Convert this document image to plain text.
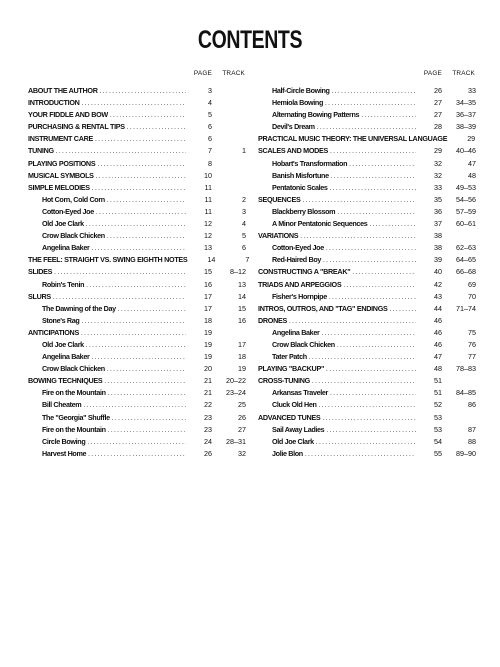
CONTENTS
PAGE TRACK
ABOUT THE AUTHOR .....	3
INTRODUCTION .....	4
YOUR FIDDLE AND BOW .....	5
PURCHASING & RENTAL TIPS .....	6
INSTRUMENT CARE .....	6
TUNING .....	7	1
PLAYING POSITIONS .....	8
MUSICAL SYMBOLS .....	10
SIMPLE MELODIES .....	11
Hot Corn, Cold Corn .....	11	2
Cotton-Eyed Joe .....	11	3
Old Joe Clark .....	12	4
Crow Black Chicken .....	12	5
Angelina Baker .....	13	6
THE FEEL: STRAIGHT VS. SWING EIGHTH NOTES	14	7
SLIDES .....	15	8–12
Robin's Tenin .....	16	13
SLURS .....	17	14
The Dawning of the Day .....	17	15
Stone's Rag .....	18	16
ANTICIPATIONS .....	19
Old Joe Clark .....	19	17
Angelina Baker .....	19	18
Crow Black Chicken .....	20	19
BOWING TECHNIQUES .....	21	20–22
Fire on the Mountain .....	21	23–24
Bill Cheatem .....	22	25
The "Georgia" Shuffle .....	23	26
Fire on the Mountain .....	23	27
Circle Bowing .....	24	28–31
Harvest Home .....	26	32
PAGE TRACK
Half-Circle Bowing .....	26	33
Hemiola Bowing .....	27	34–35
Alternating Bowing Patterns .....	27	36–37
Devil's Dream .....	28	38–39
PRACTICAL MUSIC THEORY: THE UNIVERSAL LANGUAGE	29
SCALES AND MODES .....	29	40–46
Hobart's Transformation .....	32	47
Banish Misfortune .....	32	48
Pentatonic Scales .....	33	49–53
SEQUENCES .....	35	54–56
Blackberry Blossom .....	36	57–59
A Minor Pentatonic Sequences .....	37	60–61
VARIATIONS .....	38
Cotton-Eyed Joe .....	38	62–63
Red-Haired Boy .....	39	64–65
CONSTRUCTING A "BREAK" .....	40	66–68
TRIADS AND ARPEGGIOS .....	42	69
Fisher's Hornpipe .....	43	70
INTROS, OUTROS, AND "TAG" ENDINGS .....	44	71–74
DRONES .....	46
Angelina Baker .....	46	75
Crow Black Chicken .....	46	76
Tater Patch .....	47	77
PLAYING "BACKUP" .....	48	78–83
CROSS-TUNING .....	51
Arkansas Traveler .....	51	84–85
Cluck Old Hen .....	52	86
ADVANCED TUNES .....	53
Sail Away Ladies .....	53	87
Old Joe Clark .....	54	88
Jolie Blon .....	55	89–90
